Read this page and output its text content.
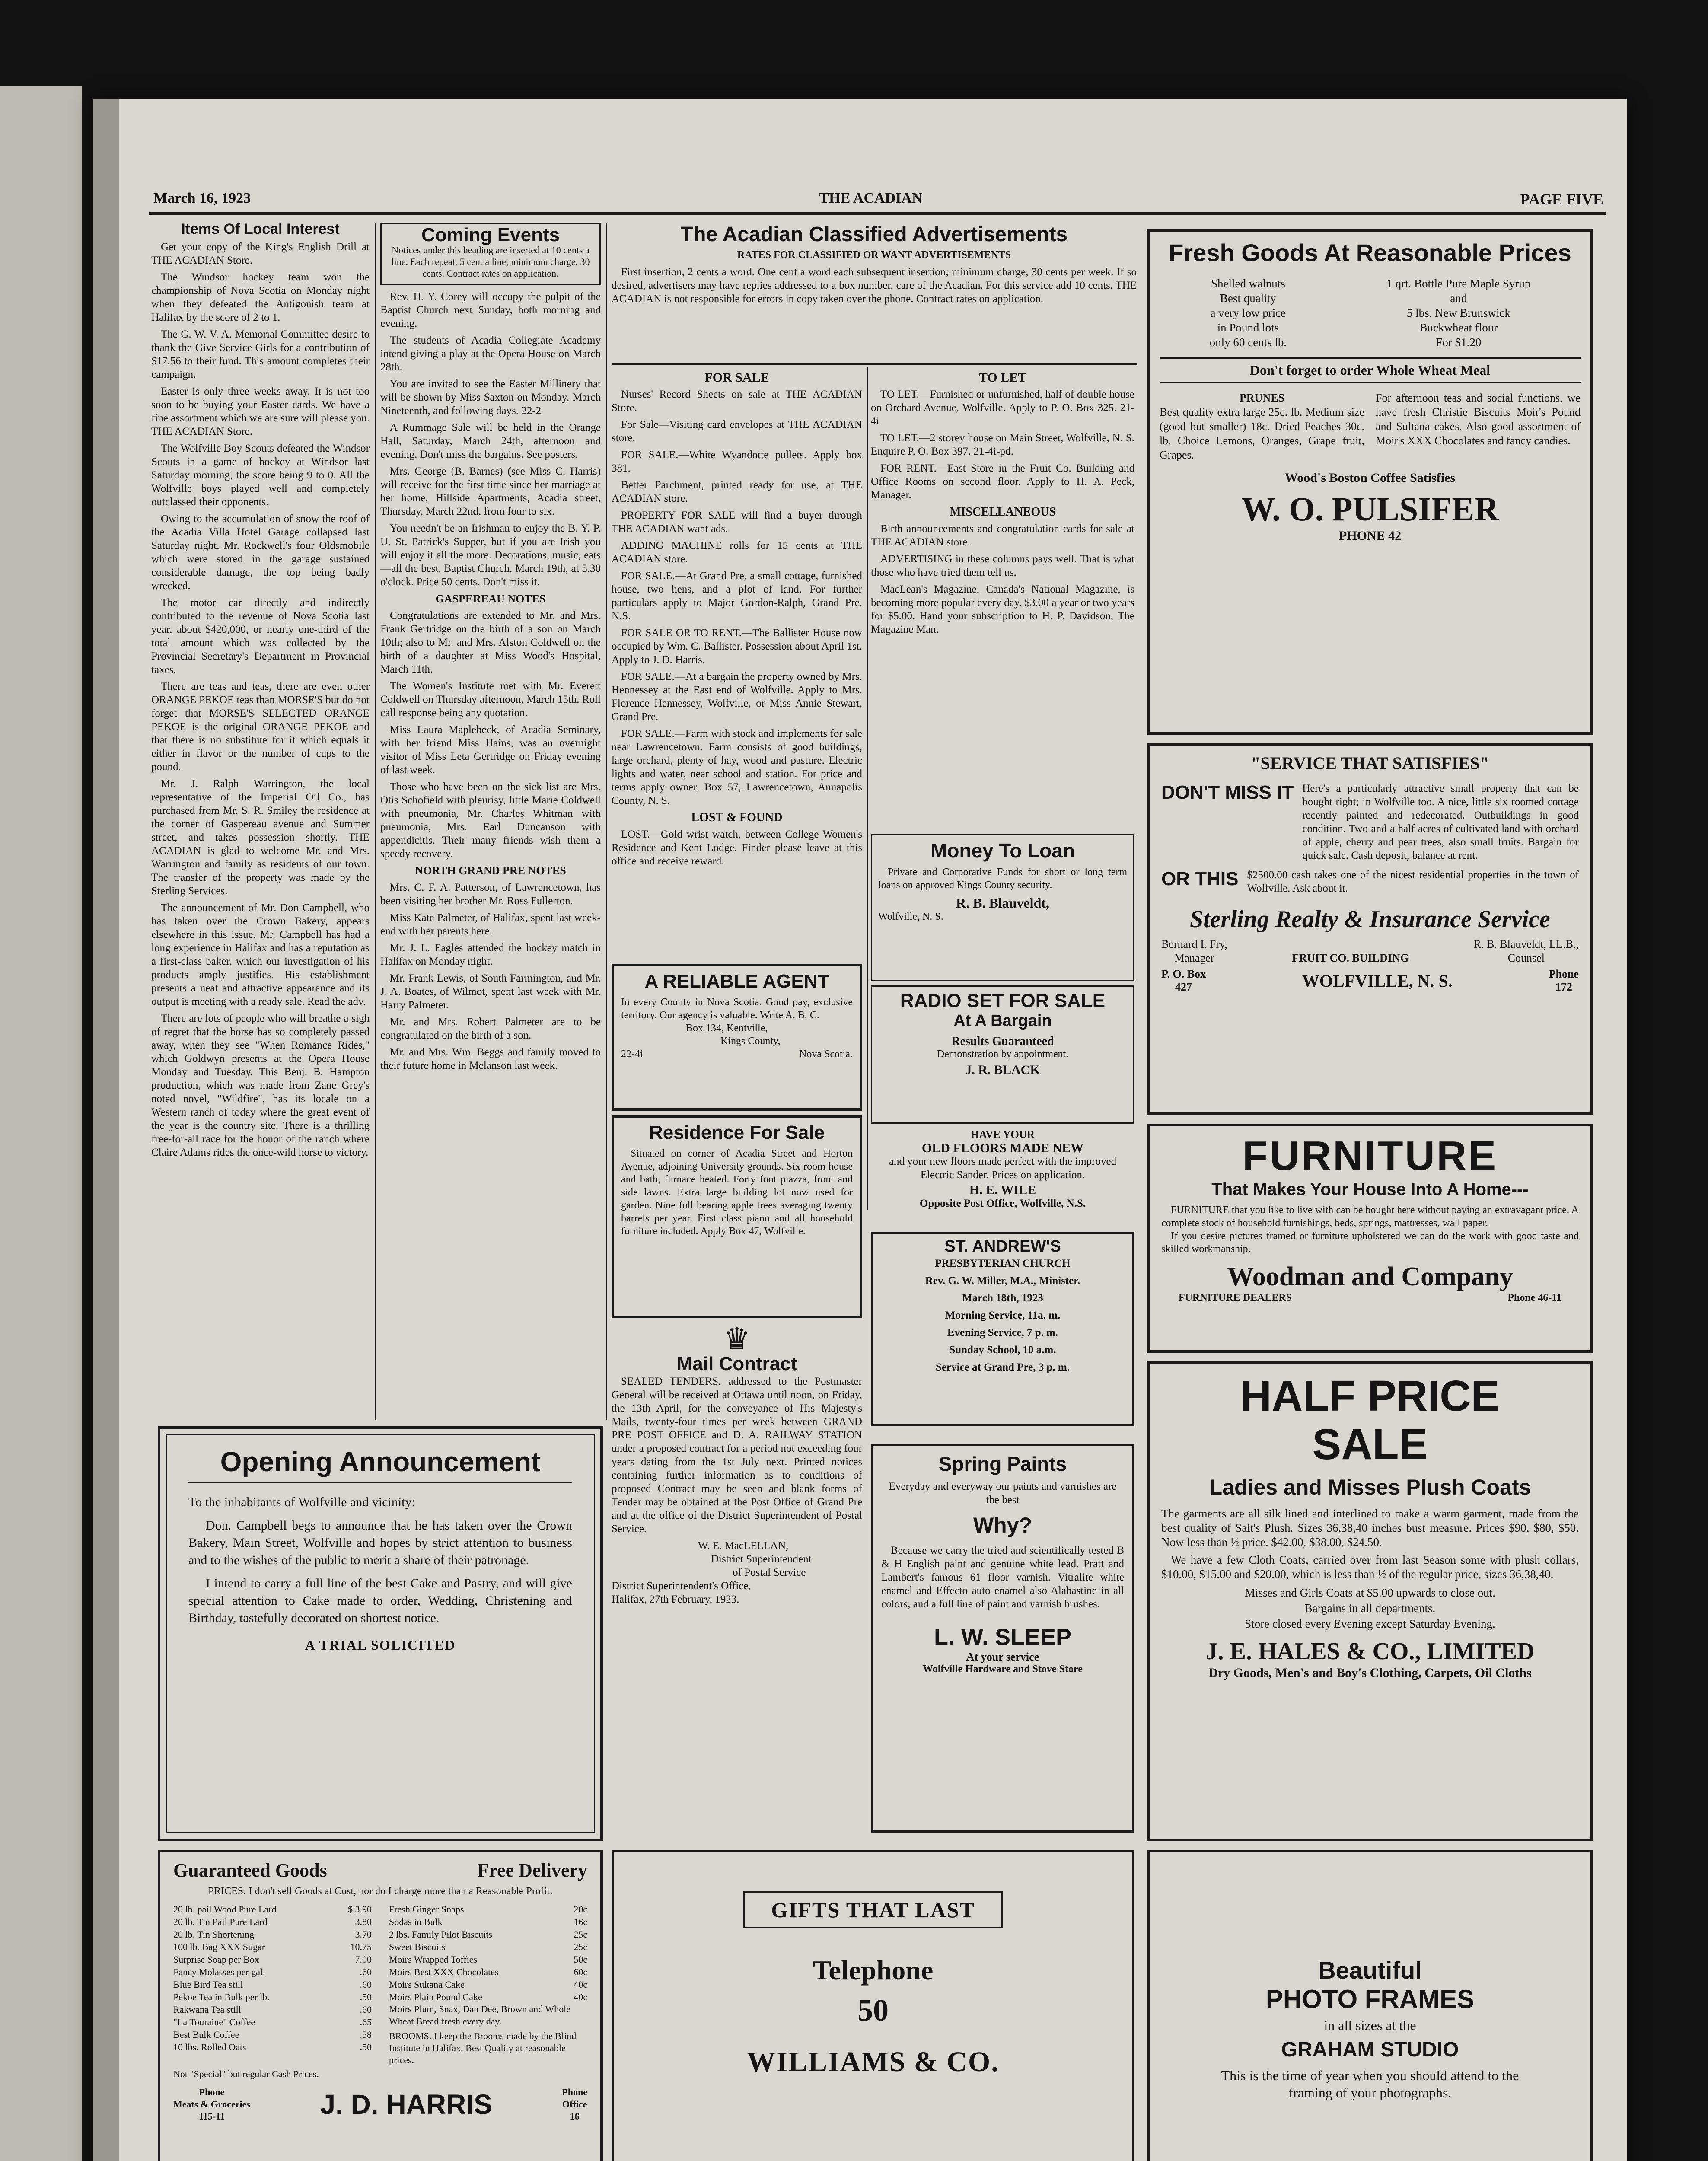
March 16, 1923	THE ACADIAN	PAGE FIVE
Items Of Local Interest

Get your copy of the King's English Drill at THE ACADIAN Store.

The Windsor hockey team won the championship of Nova Scotia on Monday night when they defeated the Antigonish team at Halifax by the score of 2 to 1.

The G. W. V. A. Memorial Committee desire to thank the Give Service Girls for a contribution of $17.56 to their fund. This amount completes their campaign.

Easter is only three weeks away. It is not too soon to be buying your Easter cards. We have a fine assortment which we are sure will please you. THE ACADIAN Store.

The Wolfville Boy Scouts defeated the Windsor Scouts in a game of hockey at Windsor last Saturday morning, the score being 9 to 0. All the Wolfville boys played well and completely outclassed their opponents.

Owing to the accumulation of snow the roof of the Acadia Villa Hotel Garage collapsed last Saturday night. Mr. Rockwell's four Oldsmobile which were stored in the garage sustained considerable damage, the top being badly wrecked.

The motor car directly and indirectly contributed to the revenue of Nova Scotia last year, about $420,000, or nearly one-third of the total amount which was collected by the Provincial Secretary's Department in Provincial taxes.

There are teas and teas, there are even other ORANGE PEKOE teas than MORSE'S but do not forget that MORSE'S SELECTED ORANGE PEKOE is the original ORANGE PEKOE and that there is no substitute for it which equals it either in flavor or the number of cups to the pound.

Mr. J. Ralph Warrington, the local representative of the Imperial Oil Co., has purchased from Mr. S. R. Smiley the residence at the corner of Gaspereau avenue and Summer street, and takes possession shortly. THE ACADIAN is glad to welcome Mr. and Mrs. Warrington and family as residents of our town. The transfer of the property was made by the Sterling Services.

The announcement of Mr. Don Campbell, who has taken over the Crown Bakery, appears elsewhere in this issue. Mr. Campbell has had a long experience in Halifax and has a reputation as a first-class baker, which our investigation of his products amply justifies. His establishment presents a neat and attractive appearance and its output is meeting with a ready sale. Read the adv.

There are lots of people who will breathe a sigh of regret that the horse has so completely passed away, when they see "When Romance Rides," which Goldwyn presents at the Opera House Monday and Tuesday. This Benj. B. Hampton production, which was made from Zane Grey's noted novel, "Wildfire", has its locale on a Western ranch of today where the great event of the year is the country site. There is a thrilling free-for-all race for the honor of the ranch where Claire Adams rides the once-wild horse to victory.

Coming Events
Notices under this heading are inserted at 10 cents a line. Each repeat, 5 cent a line; minimum charge, 30 cents. Contract rates on application.

Rev. H. Y. Corey will occupy the pulpit of the Baptist Church next Sunday, both morning and evening.

The students of Acadia Collegiate Academy intend giving a play at the Opera House on March 28th.

You are invited to see the Easter Millinery that will be shown by Miss Saxton on Monday, March Nineteenth, and following days. 22-2

A Rummage Sale will be held in the Orange Hall, Saturday, March 24th, afternoon and evening. Don't miss the bargains. See posters.

Mrs. George (B. Barnes) (see Miss C. Harris) will receive for the first time since her marriage at her home, Hillside Apartments, Acadia street, Thursday, March 22nd, from four to six.

You needn't be an Irishman to enjoy the B. Y. P. U. St. Patrick's Supper, but if you are Irish you will enjoy it all the more. Decorations, music, eats—all the best. Baptist Church, March 19th, at 5.30 o'clock. Price 50 cents. Don't miss it.

GASPEREAU NOTES

Congratulations are extended to Mr. and Mrs. Frank Gertridge on the birth of a son on March 10th; also to Mr. and Mrs. Alston Coldwell on the birth of a daughter at Miss Wood's Hospital, March 11th.

The Women's Institute met with Mr. Everett Coldwell on Thursday afternoon, March 15th. Roll call response being any quotation.

Miss Laura Maplebeck, of Acadia Seminary, with her friend Miss Hains, was an overnight visitor of Miss Leta Gertridge on Friday evening of last week.

Those who have been on the sick list are Mrs. Otis Schofield with pleurisy, little Marie Coldwell with pneumonia, Mr. Charles Whitman with pneumonia, Mrs. Earl Duncanson with appendicitis. Their many friends wish them a speedy recovery.

NORTH GRAND PRE NOTES

Mrs. C. F. A. Patterson, of Lawrencetown, has been visiting her brother Mr. Ross Fullerton.

Miss Kate Palmeter, of Halifax, spent last week-end with her parents here.

Mr. J. L. Eagles attended the hockey match in Halifax on Monday night.

Mr. Frank Lewis, of South Farmington, and Mr. J. A. Boates, of Wilmot, spent last week with Mr. Harry Palmeter.

Mr. and Mrs. Robert Palmeter are to be congratulated on the birth of a son.

Mr. and Mrs. Wm. Beggs and family moved to their future home in Melanson last week.

The Acadian Classified Advertisements
RATES FOR CLASSIFIED OR WANT ADVERTISEMENTS

First insertion, 2 cents a word. One cent a word each subsequent insertion; minimum charge, 30 cents per week. If so desired, advertisers may have replies addressed to a box number, care of the Acadian. For this service add 10 cents. THE ACADIAN is not responsible for errors in copy taken over the phone. Contract rates on application.

FOR SALE

Nurses' Record Sheets on sale at THE ACADIAN Store.

For Sale—Visiting card envelopes at THE ACADIAN store.

FOR SALE.—White Wyandotte pullets. Apply box 381.

Better Parchment, printed ready for use, at THE ACADIAN store.

PROPERTY FOR SALE will find a buyer through THE ACADIAN want ads.

ADDING MACHINE rolls for 15 cents at THE ACADIAN store.

FOR SALE.—At Grand Pre, a small cottage, furnished house, two hens, and a plot of land. For further particulars apply to Major Gordon-Ralph, Grand Pre, N.S.

FOR SALE OR TO RENT.—The Ballister House now occupied by Wm. C. Ballister. Possession about April 1st. Apply to J. D. Harris.

FOR SALE.—At a bargain the property owned by Mrs. Hennessey at the East end of Wolfville. Apply to Mrs. Florence Hennessey, Wolfville, or Miss Annie Stewart, Grand Pre.

FOR SALE.—Farm with stock and implements for sale near Lawrencetown. Farm consists of good buildings, large orchard, plenty of hay, wood and pasture. Electric lights and water, near school and station. For price and terms apply owner, Box 57, Lawrencetown, Annapolis County, N. S.

LOST & FOUND

LOST.—Gold wrist watch, between College Women's Residence and Kent Lodge. Finder please leave at this office and receive reward.

A RELIABLE AGENT
In every County in Nova Scotia. Good pay, exclusive territory. Our agency is valuable. Write A. B. C.
Box 134, Kentville,
Kings County,
22-4i	Nova Scotia.
Residence For Sale
Situated on corner of Acadia Street and Horton Avenue, adjoining University grounds. Six room house and bath, furnace heated. Forty foot piazza, front and side lawns. Extra large building lot now used for garden. Nine full bearing apple trees averaging twenty barrels per year. First class piano and all household furniture included. Apply Box 47, Wolfville.
♛
Mail Contract

SEALED TENDERS, addressed to the Postmaster General will be received at Ottawa until noon, on Friday, the 13th April, for the conveyance of His Majesty's Mails, twenty-four times per week between GRAND PRE POST OFFICE and D. A. RAILWAY STATION under a proposed contract for a period not exceeding four years dating from the 1st July next. Printed notices containing further information as to conditions of proposed Contract may be seen and blank forms of Tender may be obtained at the Post Office of Grand Pre and at the office of the District Superintendent of Postal Service.

W. E. MacLELLAN,
District Superintendent
of Postal Service
District Superintendent's Office,
Halifax, 27th February, 1923.
TO LET

TO LET.—Furnished or unfurnished, half of double house on Orchard Avenue, Wolfville. Apply to P. O. Box 325. 21-4i

TO LET.—2 storey house on Main Street, Wolfville, N. S. Enquire P. O. Box 397. 21-4i-pd.

FOR RENT.—East Store in the Fruit Co. Building and Office Rooms on second floor. Apply to H. A. Peck, Manager.

MISCELLANEOUS

Birth announcements and congratulation cards for sale at THE ACADIAN store.

ADVERTISING in these columns pays well. That is what those who have tried them tell us.

MacLean's Magazine, Canada's National Magazine, is becoming more popular every day. $3.00 a year or two years for $5.00. Hand your subscription to H. P. Davidson, The Magazine Man.

Money To Loan
Private and Corporative Funds for short or long term loans on approved Kings County security.
R. B. Blauveldt,
Wolfville, N. S.
RADIO SET FOR SALE
At A Bargain
Results Guaranteed
Demonstration by appointment.
J. R. BLACK
HAVE YOUR
OLD FLOORS MADE NEW
and your new floors made perfect with the improved Electric Sander. Prices on application.
H. E. WILE
Opposite Post Office, Wolfville, N.S.
ST. ANDREW'S
PRESBYTERIAN CHURCH
Rev. G. W. Miller, M.A., Minister.
March 18th, 1923
Morning Service, 11a. m.
Evening Service, 7 p. m.
Sunday School, 10 a.m.
Service at Grand Pre, 3 p. m.
Spring Paints
Everyday and everyway our paints and varnishes are the best
Why?
Because we carry the tried and scientifically tested B & H English paint and genuine white lead. Pratt and Lambert's famous 61 floor varnish. Vitralite white enamel and Effecto auto enamel also Alabastine in all colors, and a full line of paint and varnish brushes.
L. W. SLEEP
At your service
Wolfville Hardware and Stove Store
Fresh Goods At Reasonable Prices
Shelled walnuts
Best quality
a very low price
in Pound lots
only 60 cents lb.
1 qrt. Bottle Pure Maple Syrup
and
5 lbs. New Brunswick
Buckwheat flour
For $1.20
Don't forget to order Whole Wheat Meal
PRUNES
Best quality extra large 25c. lb. Medium size (good but smaller) 18c. Dried Peaches 30c. lb. Choice Lemons, Oranges, Grape fruit, Grapes.
For afternoon teas and social functions, we have fresh Christie Biscuits Moir's Pound and Sultana cakes. Also good assortment of Moir's XXX Chocolates and fancy candies.
Wood's Boston Coffee Satisfies
W. O. PULSIFER
PHONE 42
"SERVICE THAT SATISFIES"
DON'T MISS IT Here's a particularly attractive small property that can be bought right; in Wolfville too. A nice, little six roomed cottage recently painted and redecorated. Outbuildings in good condition. Two and a half acres of cultivated land with orchard of apple, cherry and pear trees, also small fruits. Bargain for quick sale. Cash deposit, balance at rent.
OR THIS $2500.00 cash takes one of the nicest residential properties in the town of Wolfville. Ask about it.
Sterling Realty & Insurance Service
Bernard I. Fry,
Manager	FRUIT CO. BUILDING
R. B. Blauveldt, LL.B.,
Counsel
P. O. Box
427	WOLFVILLE, N. S.	Phone
172
FURNITURE
That Makes Your House Into A Home---
FURNITURE that you like to live with can be bought here without paying an extravagant price. A complete stock of household furnishings, beds, springs, mattresses, wall paper.
If you desire pictures framed or furniture upholstered we can do the work with good taste and skilled workmanship.
Woodman and Company
FURNITURE DEALERS	Phone 46-11
HALF PRICE
SALE
Ladies and Misses Plush Coats
The garments are all silk lined and interlined to make a warm garment, made from the best quality of Salt's Plush. Sizes 36,38,40 inches bust measure. Prices $90, $80, $50. Now less than ½ price. $42.00, $38.00, $24.50.
We have a few Cloth Coats, carried over from last Season some with plush collars, $10.00, $15.00 and $20.00, which is less than ½ of the regular price, sizes 36,38,40.
Misses and Girls Coats at $5.00 upwards to close out.
Bargains in all departments.
Store closed every Evening except Saturday Evening.
J. E. HALES & CO., LIMITED
Dry Goods, Men's and Boy's Clothing, Carpets, Oil Cloths
Opening Announcement
To the inhabitants of Wolfville and vicinity:
Don. Campbell begs to announce that he has taken over the Crown Bakery, Main Street, Wolfville and hopes by strict attention to business and to the wishes of the public to merit a share of their patronage.
I intend to carry a full line of the best Cake and Pastry, and will give special attention to Cake made to order, Wedding, Christening and Birthday, tastefully decorated on shortest notice.
A TRIAL SOLICITED
Guaranteed Goods	Free Delivery
PRICES: I don't sell Goods at Cost, nor do I charge more than a Reasonable Profit.
20 lb. pail Wood Pure Lard	$ 3.90
20 lb. Tin Pail Pure Lard	3.80
20 lb. Tin Shortening	3.70
100 lb. Bag XXX Sugar	10.75
Surprise Soap per Box	7.00
Fancy Molasses per gal.	.60
Blue Bird Tea still	.60
Pekoe Tea in Bulk per lb.	.50
Rakwana Tea still	.60
"La Touraine" Coffee	.65
Best Bulk Coffee	.58
10 lbs. Rolled Oats	.50
Fresh Ginger Snaps	20c
Sodas in Bulk	16c
2 lbs. Family Pilot Biscuits	25c
Sweet Biscuits	25c
Moirs Wrapped Toffies	50c
Moirs Best XXX Chocolates	60c
Moirs Sultana Cake	40c
Moirs Plain Pound Cake	40c
Moirs Plum, Snax, Dan Dee, Brown and Whole Wheat Bread fresh every day.
BROOMS. I keep the Brooms made by the Blind Institute in Halifax. Best Quality at reasonable prices.
Not "Special" but regular Cash Prices.
Phone
Meats & Groceries
115-11	J. D. HARRIS	Phone
Office
16
GIFTS THAT LAST
Telephone
50
WILLIAMS & CO.
Beautiful
PHOTO FRAMES
in all sizes at the
GRAHAM STUDIO
This is the time of year when you should attend to the framing of your photographs.
